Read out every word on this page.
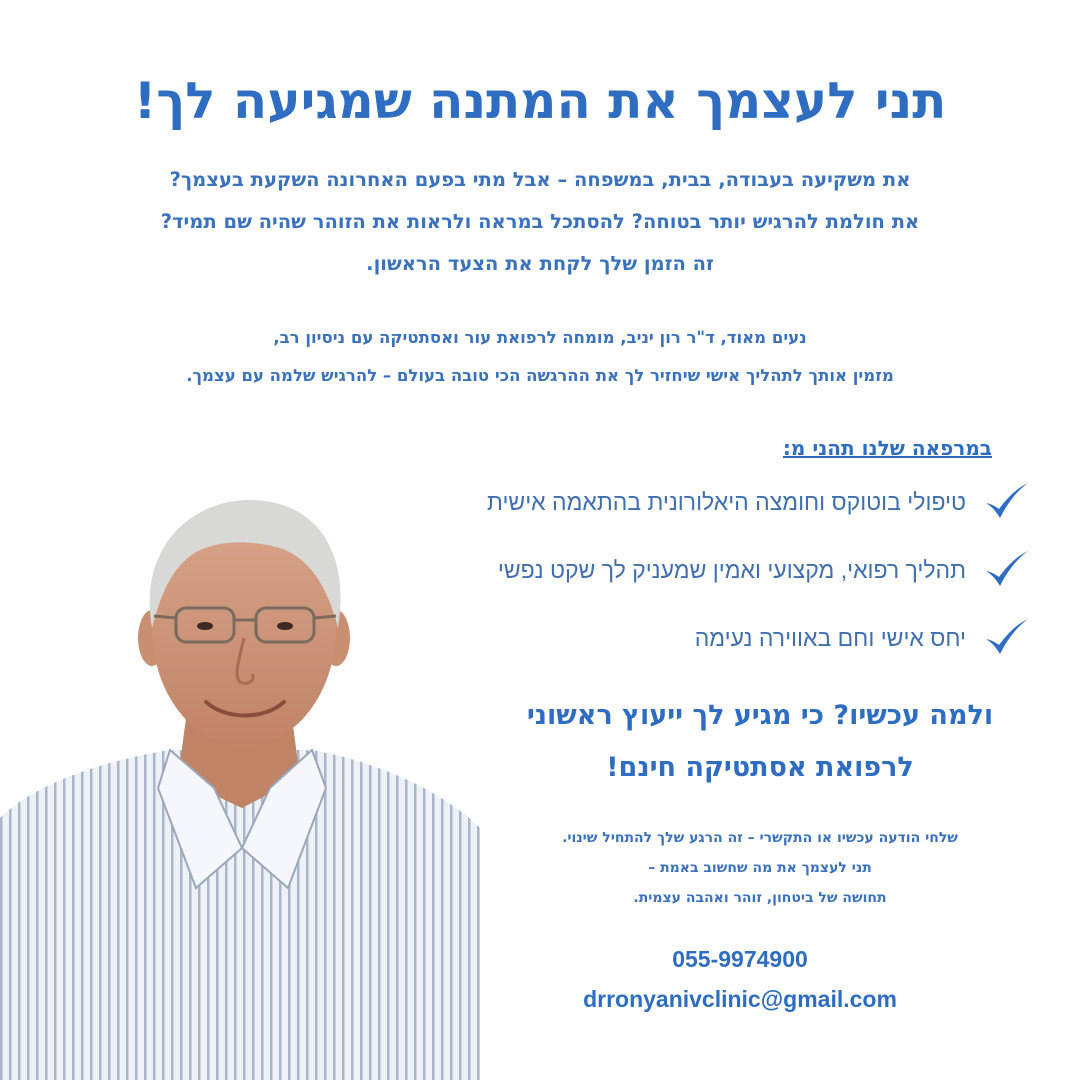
תני לעצמך את המתנה שמגיעה לך!
את משקיעה בעבודה, בבית, במשפחה – אבל מתי בפעם האחרונה השקעת בעצמך?
את חולמת להרגיש יותר בטוחה? להסתכל במראה ולראות את הזוהר שהיה שם תמיד?
זה הזמן שלך לקחת את הצעד הראשון.
נעים מאוד, ד"ר רון יניב, מומחה לרפואת עור ואסתטיקה עם ניסיון רב,
מזמין אותך לתהליך אישי שיחזיר לך את ההרגשה הכי טובה בעולם – להרגיש שלמה עם עצמך.
במרפאה שלנו תהני מ:
טיפולי בוטוקס וחומצה היאלורונית בהתאמה אישית
תהליך רפואי, מקצועי ואמין שמעניק לך שקט נפשי
יחס אישי וחם באווירה נעימה
ולמה עכשיו? כי מגיע לך ייעוץ ראשוני
לרפואת אסתטיקה חינם!
שלחי הודעה עכשיו או התקשרי – זה הרגע שלך להתחיל שינוי.
תני לעצמך את מה שחשוב באמת –
תחושה של ביטחון, זוהר ואהבה עצמית.
055-9974900
drronyanivclinic@gmail.com
